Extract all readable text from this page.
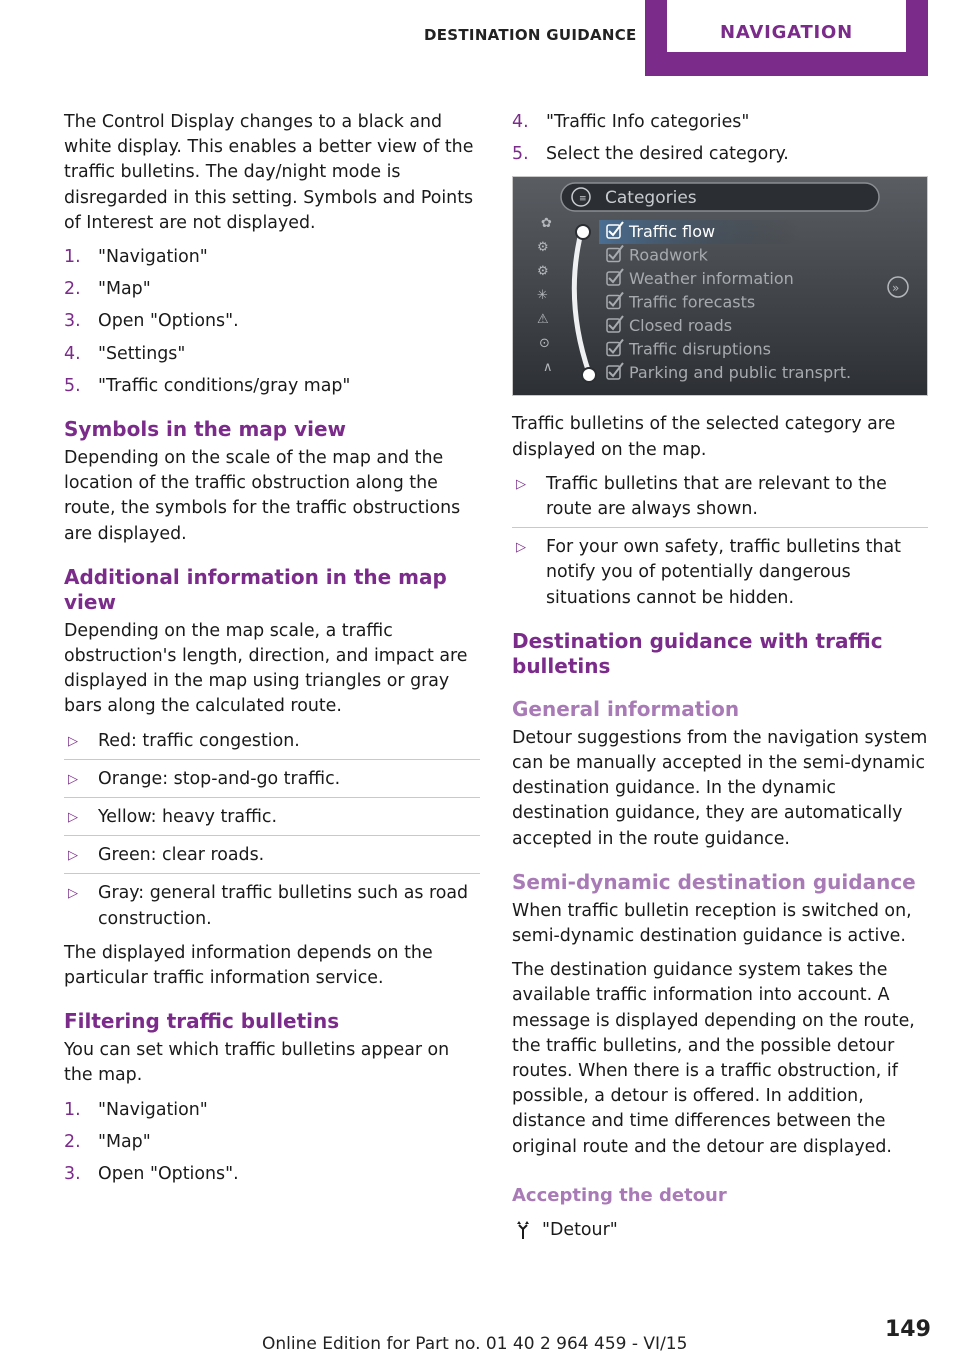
DESTINATION GUIDANCE	NAVIGATION

The Control Display changes to a black and white display. This enables a better view of the traffic bulletins. The day/night mode is disregarded in this setting. Symbols and Points of Interest are not displayed.

1. "Navigation"
2. "Map"
3. Open "Options".
4. "Settings"
5. "Traffic conditions/gray map"
Symbols in the map view

Depending on the scale of the map and the location of the traffic obstruction along the route, the symbols for the traffic obstructions are displayed.

Additional information in the map view

Depending on the map scale, a traffic obstruction's length, direction, and impact are displayed in the map using triangles or gray bars along the calculated route.

▷ Red: traffic congestion.
▷ Orange: stop-and-go traffic.
▷ Yellow: heavy traffic.
▷ Green: clear roads.
▷ Gray: general traffic bulletins such as road construction.

The displayed information depends on the particular traffic information service.

Filtering traffic bulletins

You can set which traffic bulletins appear on the map.

1. "Navigation"
2. "Map"
3. Open "Options".
4. "Traffic Info categories"
5. Select the desired category.
≡ Categories
✿
⚙
⚙
✳
⚠
⊙
∧
Traffic flow
Roadwork
Weather information
Traffic forecasts
Closed roads
Traffic disruptions
Parking and public transprt.
»

Traffic bulletins of the selected category are displayed on the map.

▷ Traffic bulletins that are relevant to the route are always shown.
▷ For your own safety, traffic bulletins that notify you of potentially dangerous situations cannot be hidden.
Destination guidance with traffic bulletins
General information

Detour suggestions from the navigation system can be manually accepted in the semi-dynamic destination guidance. In the dynamic destination guidance, they are automatically accepted in the route guidance.

Semi-dynamic destination guidance

When traffic bulletin reception is switched on, semi-dynamic destination guidance is active.

The destination guidance system takes the available traffic information into account. A message is displayed depending on the route, the traffic bulletins, and the possible detour routes. When there is a traffic obstruction, if possible, a detour is offered. In addition, distance and time differences between the original route and the detour are displayed.

Accepting the detour
"Detour"
Online Edition for Part no. 01 40 2 964 459 - VI/15
149
